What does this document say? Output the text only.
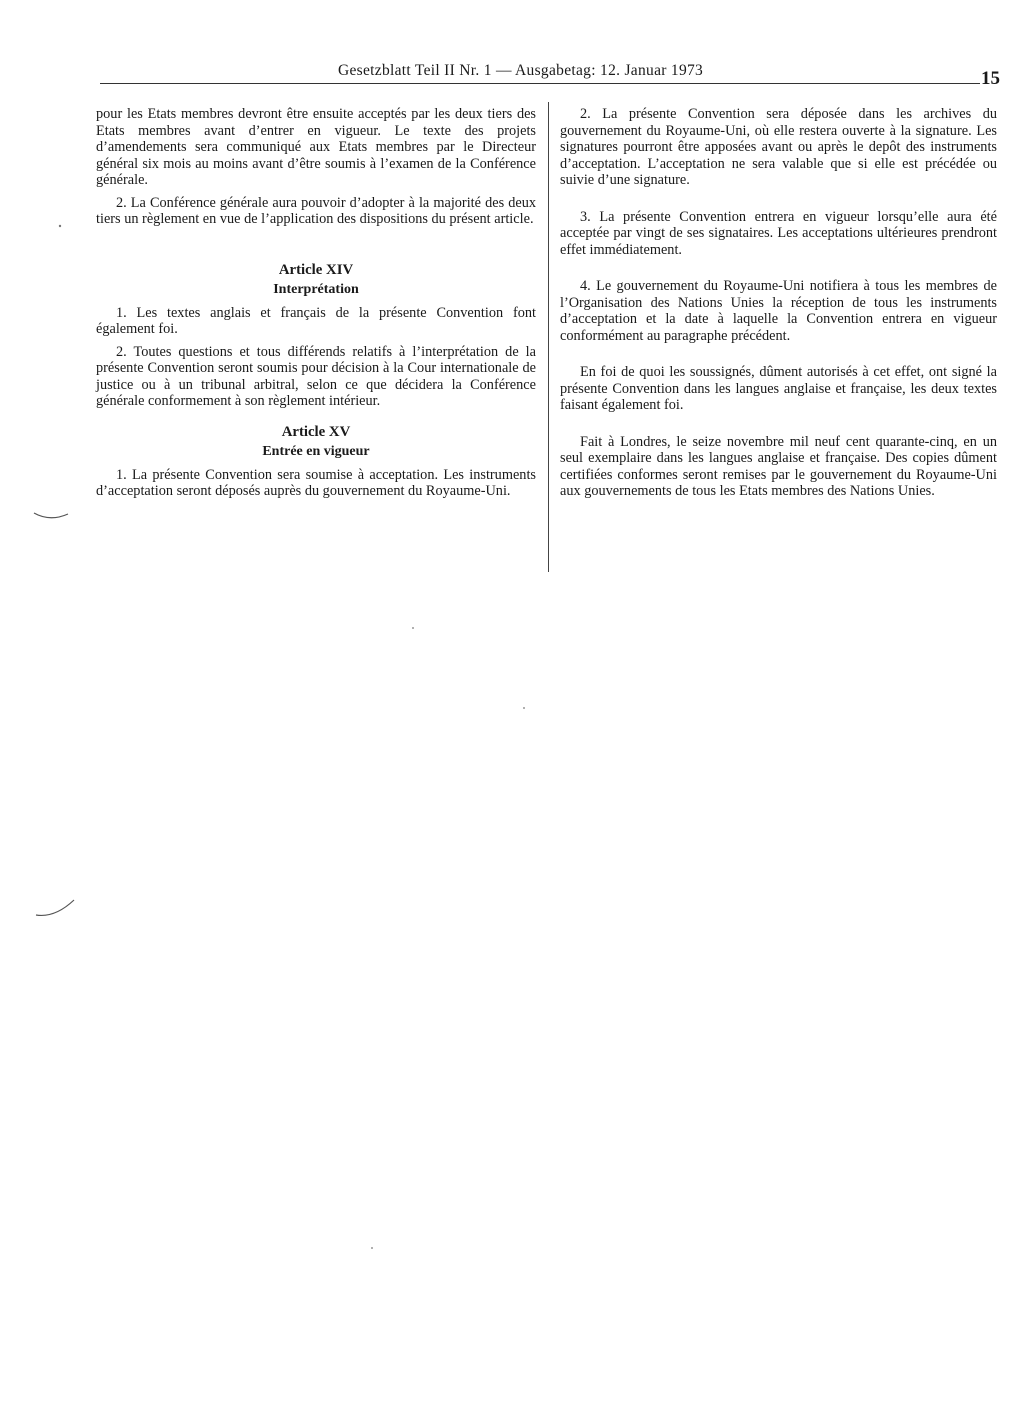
Gesetzblatt Teil II Nr. 1 — Ausgabetag: 12. Januar 1973	15

pour les Etats membres devront être ensuite acceptés par les deux tiers des Etats membres avant d’entrer en vigueur. Le texte des projets d’amendements sera communiqué aux Etats membres par le Directeur général six mois au moins avant d’être soumis à l’examen de la Conférence générale.

2. La Conférence générale aura pouvoir d’adopter à la majorité des deux tiers un règlement en vue de l’application des dispositions du présent article.

Article XIV
Interprétation

1. Les textes anglais et français de la présente Convention font également foi.

2. Toutes questions et tous différends relatifs à l’interprétation de la présente Convention seront soumis pour décision à la Cour internationale de justice ou à un tribunal arbitral, selon ce que décidera la Conférence générale conformement à son règlement intérieur.

Article XV
Entrée en vigueur

1. La présente Convention sera soumise à acceptation. Les instruments d’acceptation seront déposés auprès du gouvernement du Royaume-Uni.

2. La présente Convention sera déposée dans les archives du gouvernement du Royaume-Uni, où elle restera ouverte à la signature. Les signatures pourront être apposées avant ou après le depôt des instruments d’acceptation. L’acceptation ne sera valable que si elle est précédée ou suivie d’une signature.

3. La présente Convention entrera en vigueur lorsqu’elle aura été acceptée par vingt de ses signataires. Les acceptations ultérieures prendront effet immédiatement.

4. Le gouvernement du Royaume-Uni notifiera à tous les membres de l’Organisation des Nations Unies la réception de tous les instruments d’acceptation et la date à laquelle la Convention entrera en vigueur conformément au paragraphe précédent.

En foi de quoi les soussignés, dûment autorisés à cet effet, ont signé la présente Convention dans les langues anglaise et française, les deux textes faisant également foi.

Fait à Londres, le seize novembre mil neuf cent quarante-cinq, en un seul exemplaire dans les langues anglaise et française. Des copies dûment certifiées conformes seront remises par le gouvernement du Royaume-Uni aux gouvernements de tous les Etats membres des Nations Unies.
